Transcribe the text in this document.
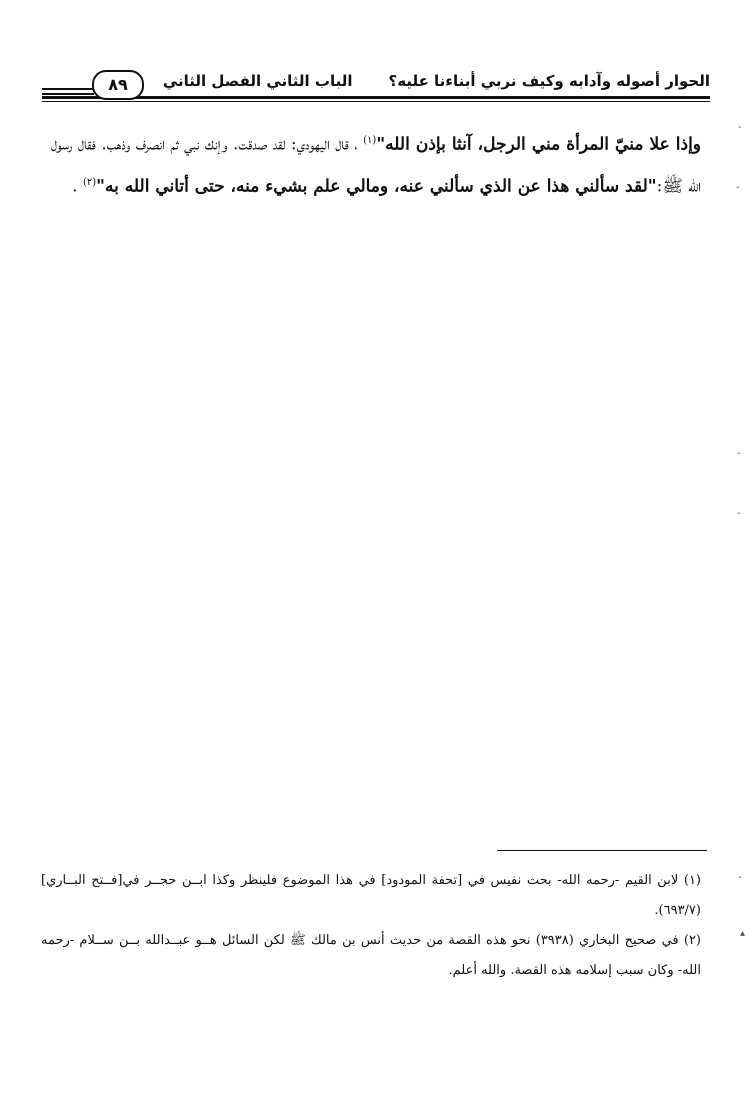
الحوار أصوله وآدابه وكيف نربي أبناءنا عليه؟الباب الثاني الفصل الثاني
٨٩
وإذا علا منيّ المرأة مني الرجل، آنثا بإذن الله"$^{(١)}$ ، قال اليهودي: لقد صدقت. وإنك نبي ثم انصرف وذهب. فقال رسول الله ﷺ:"لقد سألني هذا عن الذي سألني عنه، ومالي علم بشيء منه، حتى أتاني الله به"$^{(٢)}$ .

(١) لابن القيم -رحمه الله- بحث نفيس في [تحفة المودود] في هذا الموضوع فلينظر وكذا ابــن حجــر في[فــتح البــاري] (٦٩٣/٧).

(٢) في صحيح البخاري (٣٩٣٨) نحو هذه القصة من حديث أنس بن مالك ﷺ لكن السائل هــو عبــدالله بــن ســلام -رحمه الله- وكان سبب إسلامه هذه القصة. والله أعلم.

-
-
-
-
-
▴
